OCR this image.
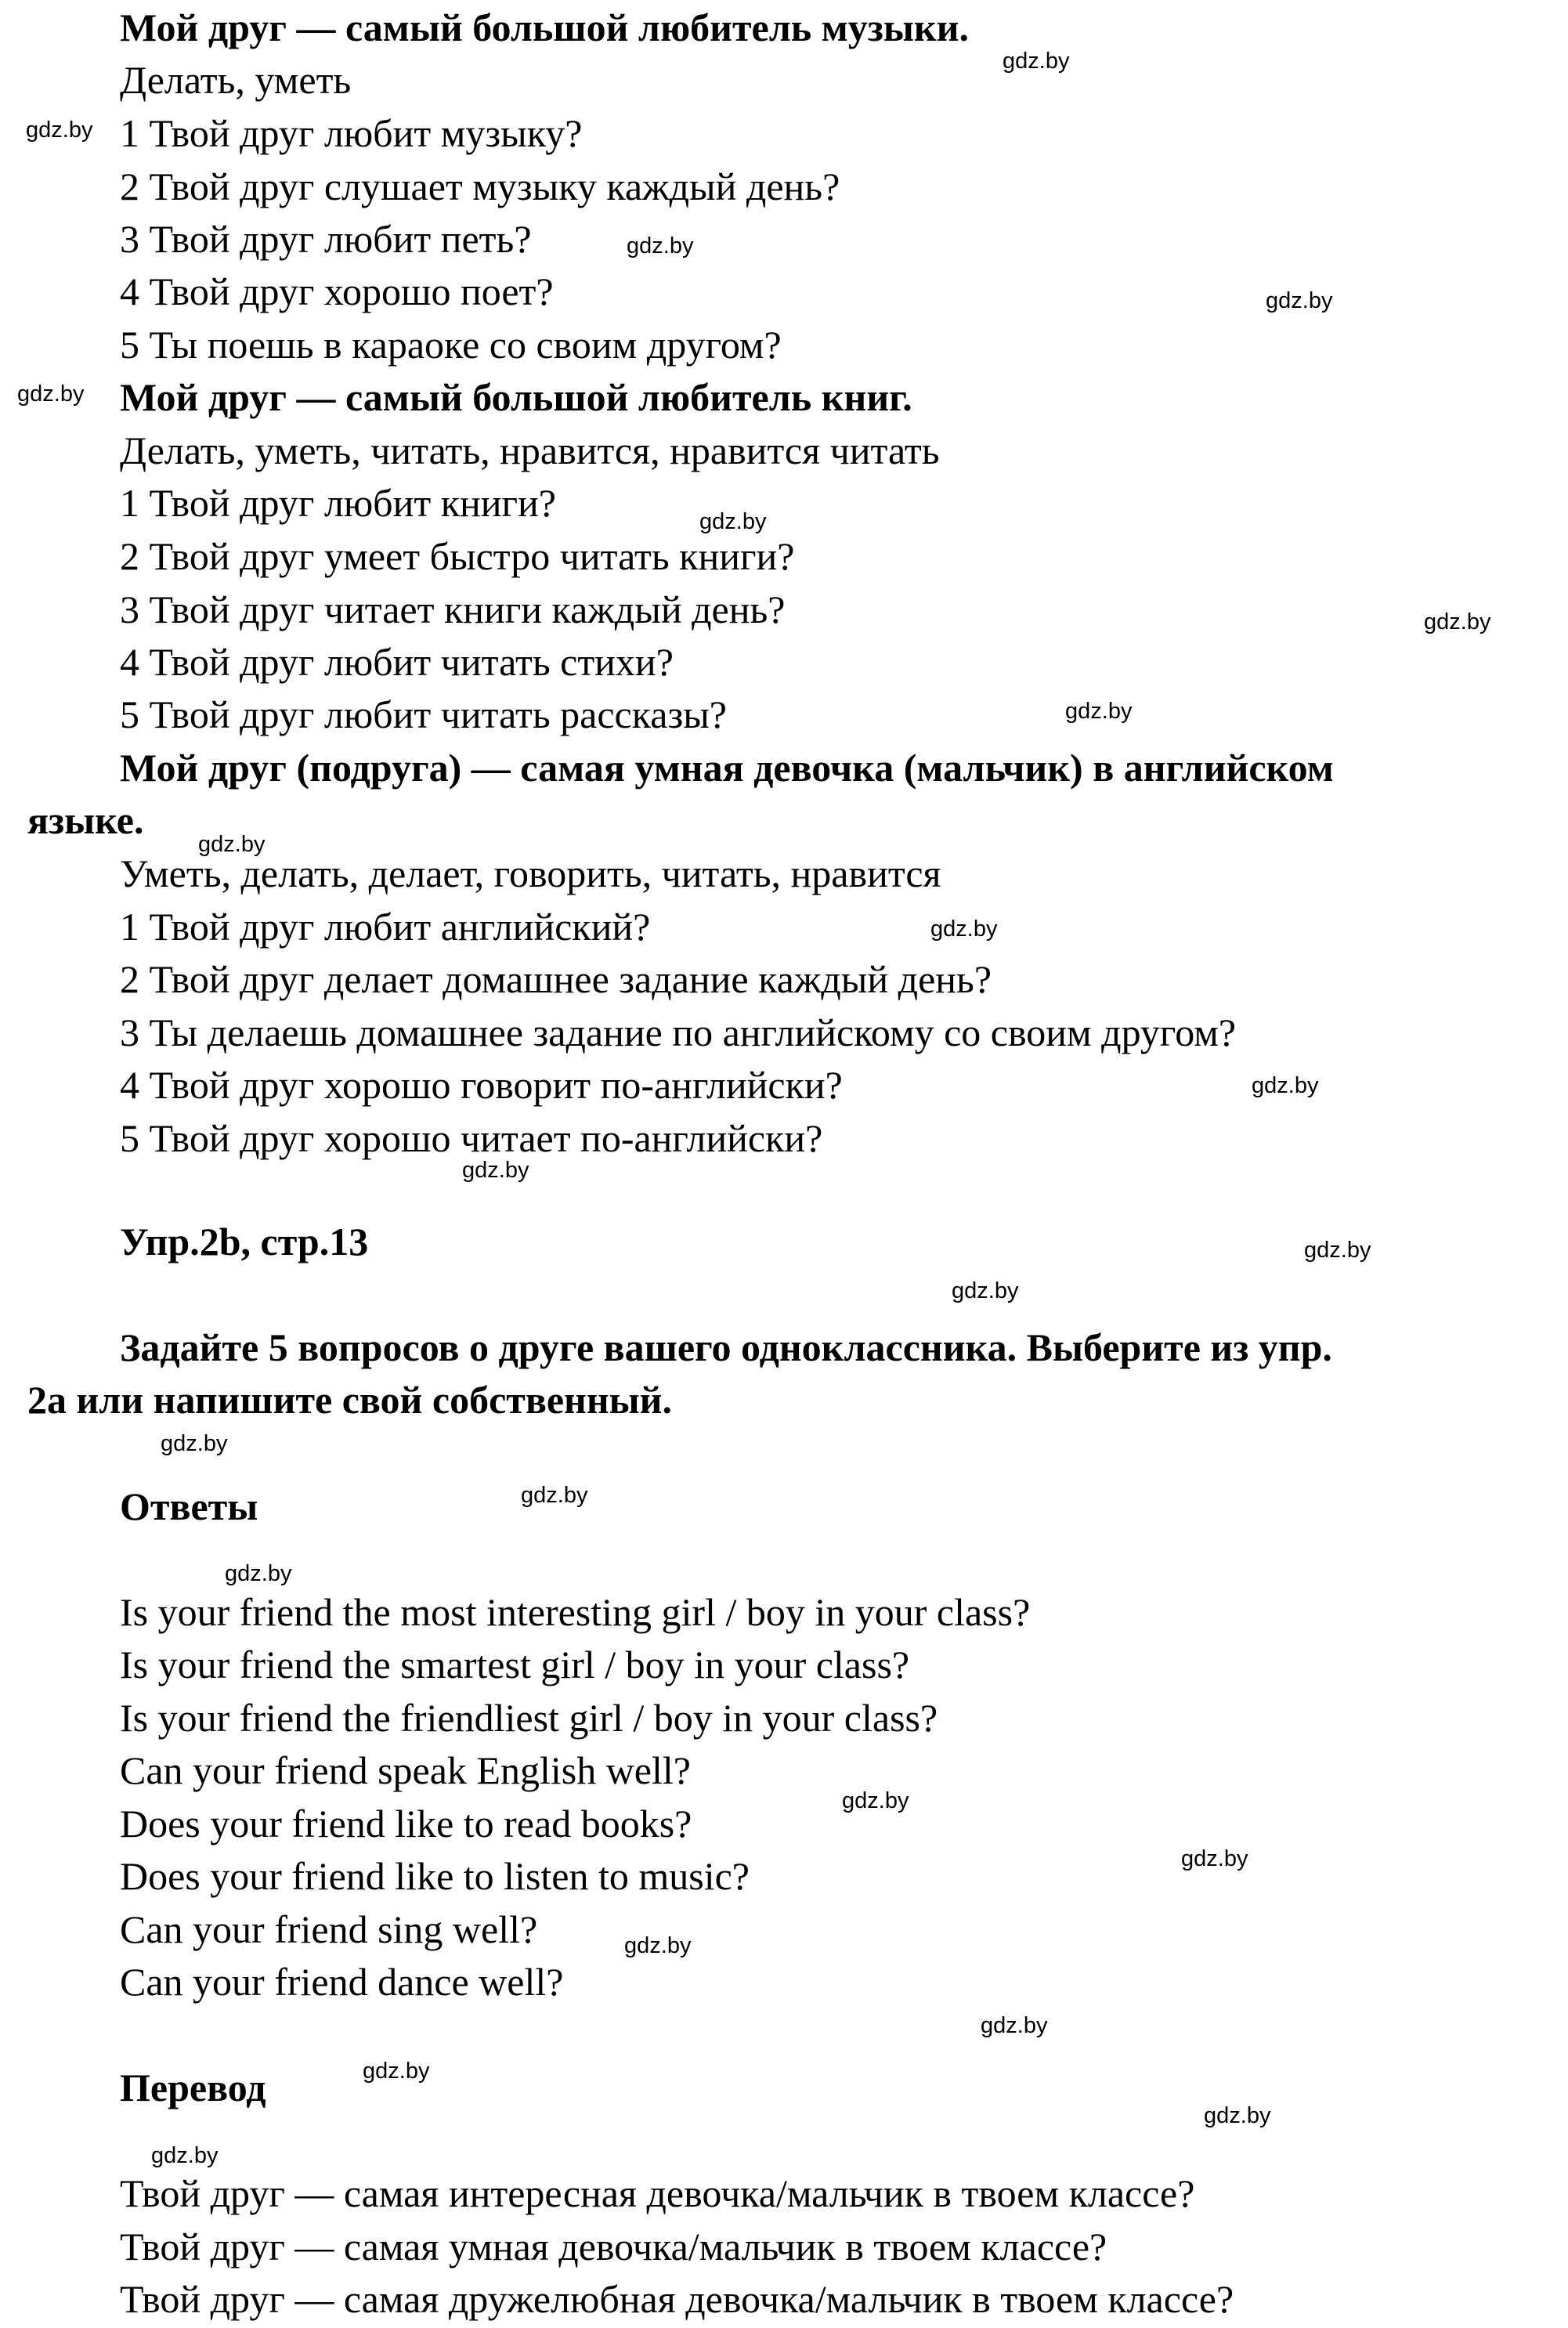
Мой друг — самый большой любитель музыки.
Делать, уметь
1 Твой друг любит музыку?
2 Твой друг слушает музыку каждый день?
3 Твой друг любит петь?
4 Твой друг хорошо поет?
5 Ты поешь в караоке со своим другом?
Мой друг — самый большой любитель книг.
Делать, уметь, читать, нравится, нравится читать
1 Твой друг любит книги?
2 Твой друг умеет быстро читать книги?
3 Твой друг читает книги каждый день?
4 Твой друг любит читать стихи?
5 Твой друг любит читать рассказы?
Мой друг (подруга) — самая умная девочка (мальчик) в английском
языке.
Уметь, делать, делает, говорить, читать, нравится
1 Твой друг любит английский?
2 Твой друг делает домашнее задание каждый день?
3 Ты делаешь домашнее задание по английскому со своим другом?
4 Твой друг хорошо говорит по-английски?
5 Твой друг хорошо читает по-английски?
Упр.2b, стр.13
Задайте 5 вопросов о друге вашего одноклассника. Выберите из упр.
2a или напишите свой собственный.
Ответы
Is your friend the most interesting girl / boy in your class?
Is your friend the smartest girl / boy in your class?
Is your friend the friendliest girl / boy in your class?
Can your friend speak English well?
Does your friend like to read books?
Does your friend like to listen to music?
Can your friend sing well?
Can your friend dance well?
Перевод
Твой друг — самая интересная девочка/мальчик в твоем классе?
Твой друг — самая умная девочка/мальчик в твоем классе?
Твой друг — самая дружелюбная девочка/мальчик в твоем классе?
gdz.by
gdz.by
gdz.by
gdz.by
gdz.by
gdz.by
gdz.by
gdz.by
gdz.by
gdz.by
gdz.by
gdz.by
gdz.by
gdz.by
gdz.by
gdz.by
gdz.by
gdz.by
gdz.by
gdz.by
gdz.by
gdz.by
gdz.by
gdz.by
